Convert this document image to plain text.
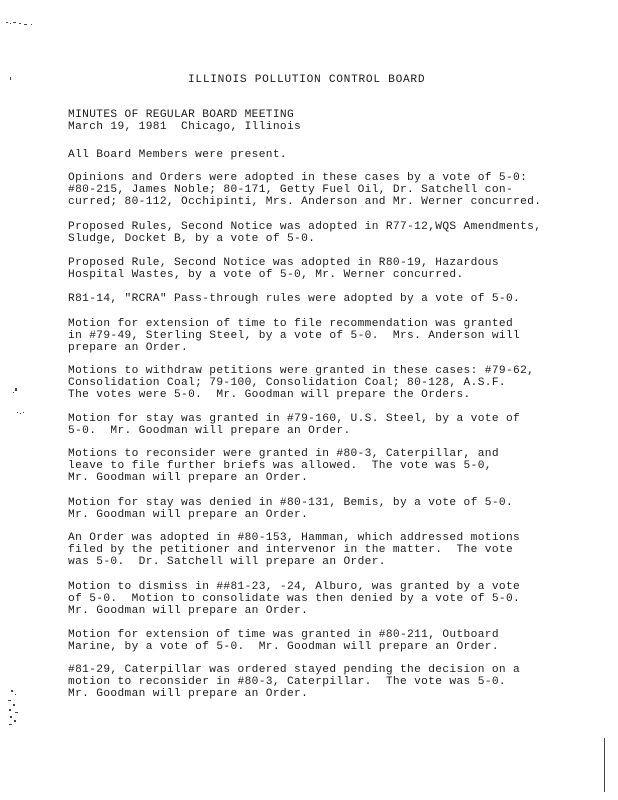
ILLINOIS POLLUTION CONTROL BOARD
MINUTES OF REGULAR BOARD MEETING
March 19, 1981  Chicago, Illinois
All Board Members were present.
Opinions and Orders were adopted in these cases by a vote of 5-0:
#80-215, James Noble; 80-171, Getty Fuel Oil, Dr. Satchell con-
curred; 80-112, Occhipinti, Mrs. Anderson and Mr. Werner concurred.
Proposed Rules, Second Notice was adopted in R77-12,WQS Amendments,
Sludge, Docket B, by a vote of 5-0.
Proposed Rule, Second Notice was adopted in R80-19, Hazardous
Hospital Wastes, by a vote of 5-0, Mr. Werner concurred.
R81-14, "RCRA" Pass-through rules were adopted by a vote of 5-0.
Motion for extension of time to file recommendation was granted
in #79-49, Sterling Steel, by a vote of 5-0.  Mrs. Anderson will
prepare an Order.
Motions to withdraw petitions were granted in these cases: #79-62,
Consolidation Coal; 79-100, Consolidation Coal; 80-128, A.S.F.
The votes were 5-0.  Mr. Goodman will prepare the Orders.
Motion for stay was granted in #79-160, U.S. Steel, by a vote of
5-0.  Mr. Goodman will prepare an Order.
Motions to reconsider were granted in #80-3, Caterpillar, and
leave to file further briefs was allowed.  The vote was 5-0,
Mr. Goodman will prepare an Order.
Motion for stay was denied in #80-131, Bemis, by a vote of 5-0.
Mr. Goodman will prepare an Order.
An Order was adopted in #80-153, Hamman, which addressed motions
filed by the petitioner and intervenor in the matter.  The vote
was 5-0.  Dr. Satchell will prepare an Order.
Motion to dismiss in ##81-23, -24, Alburo, was granted by a vote
of 5-0.  Motion to consolidate was then denied by a vote of 5-0.
Mr. Goodman will prepare an Order.
Motion for extension of time was granted in #80-211, Outboard
Marine, by a vote of 5-0.  Mr. Goodman will prepare an Order.
#81-29, Caterpillar was ordered stayed pending the decision on a
motion to reconsider in #80-3, Caterpillar.  The vote was 5-0.
Mr. Goodman will prepare an Order.
